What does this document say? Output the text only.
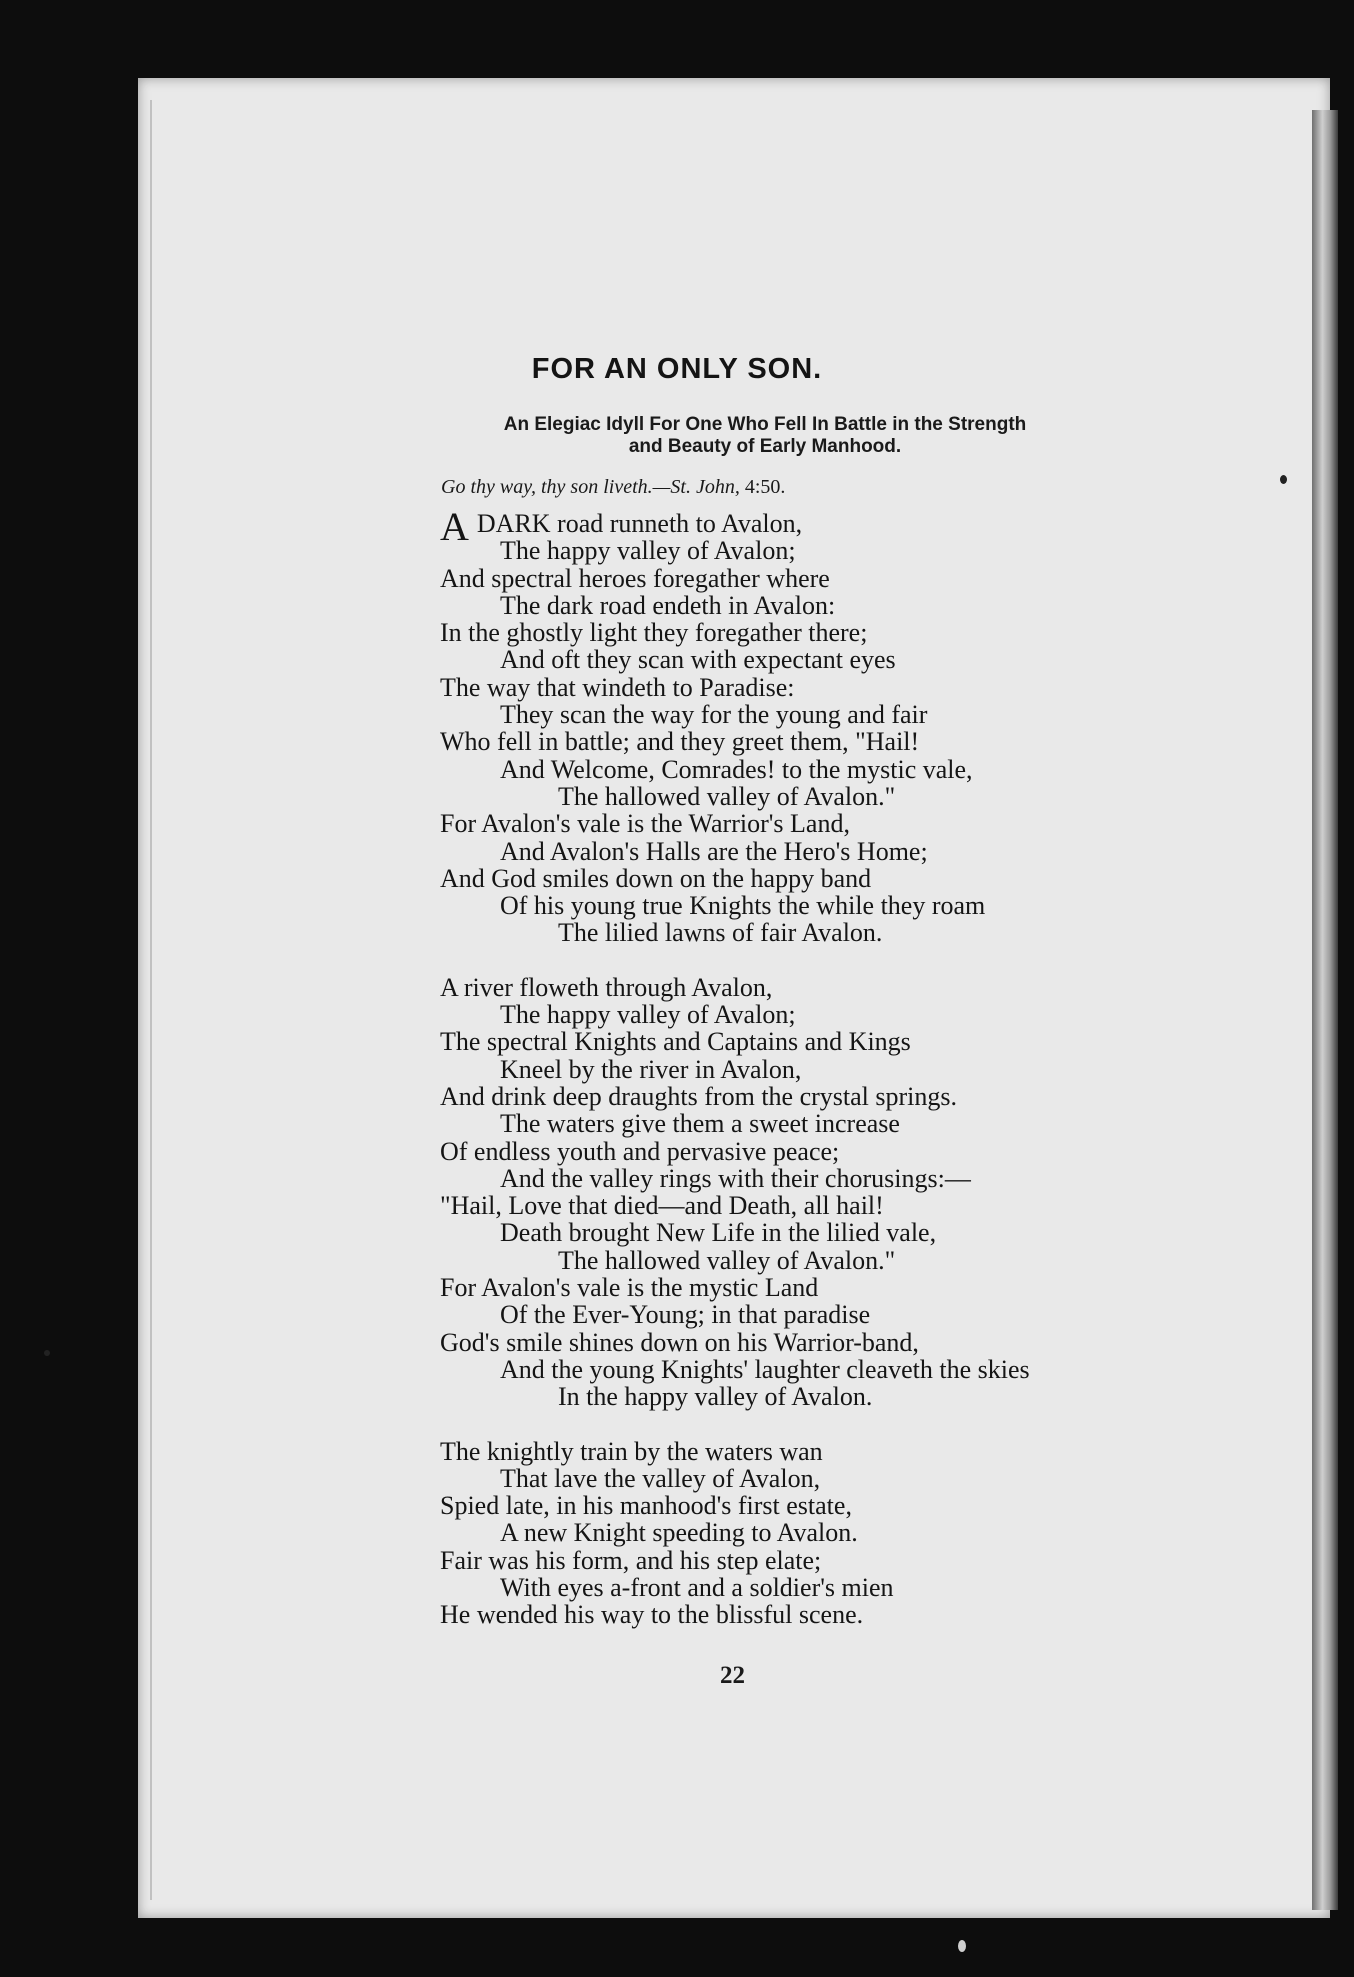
FOR AN ONLY SON.
An Elegiac Idyll For One Who Fell In Battle in the Strength
and Beauty of Early Manhood.
Go thy way, thy son liveth.—St. John, 4:50.
ADARK road runneth to Avalon,
The happy valley of Avalon;
And spectral heroes foregather where
The dark road endeth in Avalon:
In the ghostly light they foregather there;
And oft they scan with expectant eyes
The way that windeth to Paradise:
They scan the way for the young and fair
Who fell in battle; and they greet them, "Hail!
And Welcome, Comrades! to the mystic vale,
The hallowed valley of Avalon."
For Avalon's vale is the Warrior's Land,
And Avalon's Halls are the Hero's Home;
And God smiles down on the happy band
Of his young true Knights the while they roam
The lilied lawns of fair Avalon.
A river floweth through Avalon,
The happy valley of Avalon;
The spectral Knights and Captains and Kings
Kneel by the river in Avalon,
And drink deep draughts from the crystal springs.
The waters give them a sweet increase
Of endless youth and pervasive peace;
And the valley rings with their chorusings:—
"Hail, Love that died—and Death, all hail!
Death brought New Life in the lilied vale,
The hallowed valley of Avalon."
For Avalon's vale is the mystic Land
Of the Ever-Young; in that paradise
God's smile shines down on his Warrior-band,
And the young Knights' laughter cleaveth the skies
In the happy valley of Avalon.
The knightly train by the waters wan
That lave the valley of Avalon,
Spied late, in his manhood's first estate,
A new Knight speeding to Avalon.
Fair was his form, and his step elate;
With eyes a-front and a soldier's mien
He wended his way to the blissful scene.
22
